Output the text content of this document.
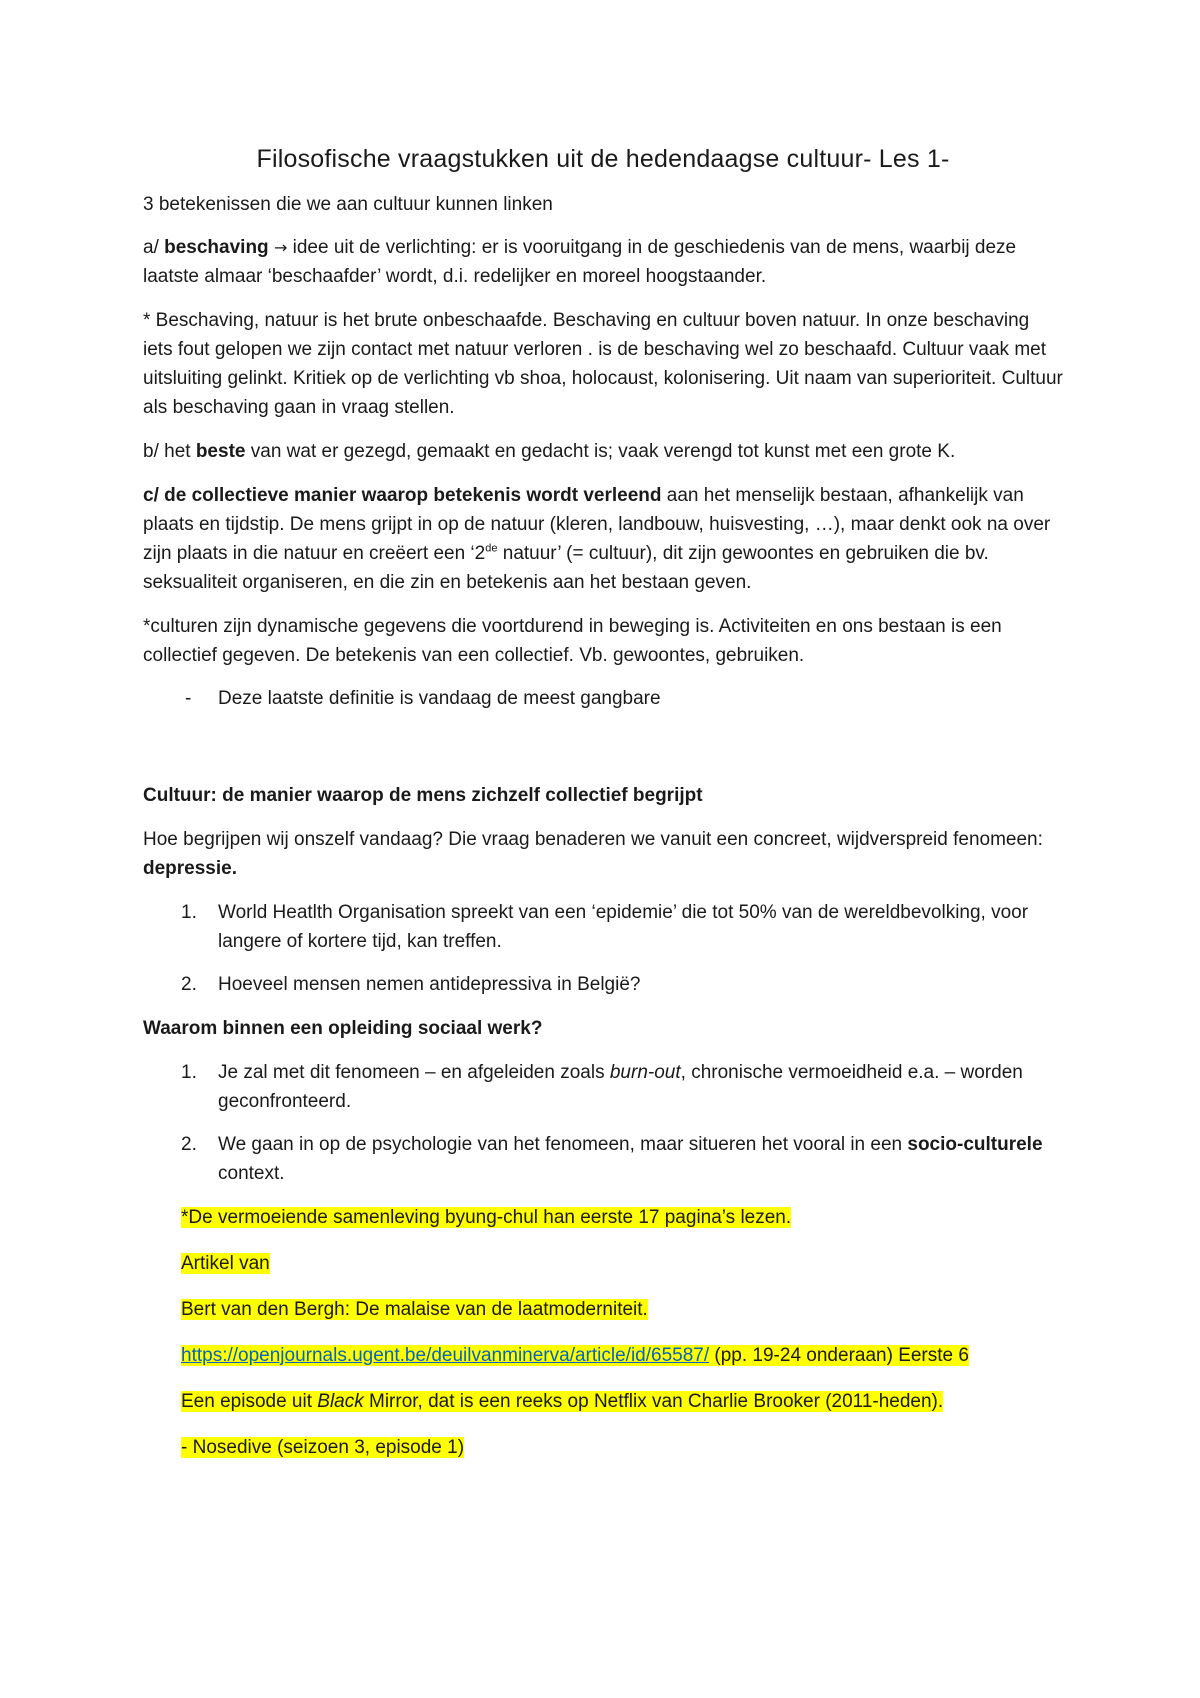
Filosofische vraagstukken uit de hedendaagse cultuur- Les 1-

3 betekenissen die we aan cultuur kunnen linken

a/ beschaving → idee uit de verlichting: er is vooruitgang in de geschiedenis van de mens, waarbij deze laatste almaar ‘beschaafder’ wordt, d.i. redelijker en moreel hoogstaander.

* Beschaving, natuur is het brute onbeschaafde. Beschaving en cultuur boven natuur. In onze beschaving iets fout gelopen we zijn contact met natuur verloren . is de beschaving wel zo beschaafd. Cultuur vaak met uitsluiting gelinkt. Kritiek op de verlichting vb shoa, holocaust, kolonisering. Uit naam van superioriteit. Cultuur als beschaving gaan in vraag stellen.

b/ het beste van wat er gezegd, gemaakt en gedacht is; vaak verengd tot kunst met een grote K.

c/ de collectieve manier waarop betekenis wordt verleend aan het menselijk bestaan, afhankelijk van plaats en tijdstip. De mens grijpt in op de natuur (kleren, landbouw, huisvesting, …), maar denkt ook na over zijn plaats in die natuur en creëert een ‘2de natuur’ (= cultuur), dit zijn gewoontes en gebruiken die bv. seksualiteit organiseren, en die zin en betekenis aan het bestaan geven.

*culturen zijn dynamische gegevens die voortdurend in beweging is. Activiteiten en ons bestaan is een collectief gegeven. De betekenis van een collectief. Vb. gewoontes, gebruiken.

- Deze laatste definitie is vandaag de meest gangbare

Cultuur: de manier waarop de mens zichzelf collectief begrijpt

Hoe begrijpen wij onszelf vandaag? Die vraag benaderen we vanuit een concreet, wijdverspreid fenomeen: depressie.

1. World Heatlth Organisation spreekt van een ‘epidemie’ die tot 50% van de wereldbevolking, voor langere of kortere tijd, kan treffen.
2. Hoeveel mensen nemen antidepressiva in België?

Waarom binnen een opleiding sociaal werk?

1. Je zal met dit fenomeen – en afgeleiden zoals burn-out, chronische vermoeidheid e.a. – worden geconfronteerd.
2. We gaan in op de psychologie van het fenomeen, maar situeren het vooral in een socio-culturele context.

*De vermoeiende samenleving byung-chul han eerste 17 pagina’s lezen.

Artikel van

Bert van den Bergh: De malaise van de laatmoderniteit.

https://openjournals.ugent.be/deuilvanminerva/article/id/65587/ (pp. 19-24 onderaan) Eerste 6

Een episode uit Black Mirror, dat is een reeks op Netflix van Charlie Brooker (2011-heden).

- Nosedive (seizoen 3, episode 1)
